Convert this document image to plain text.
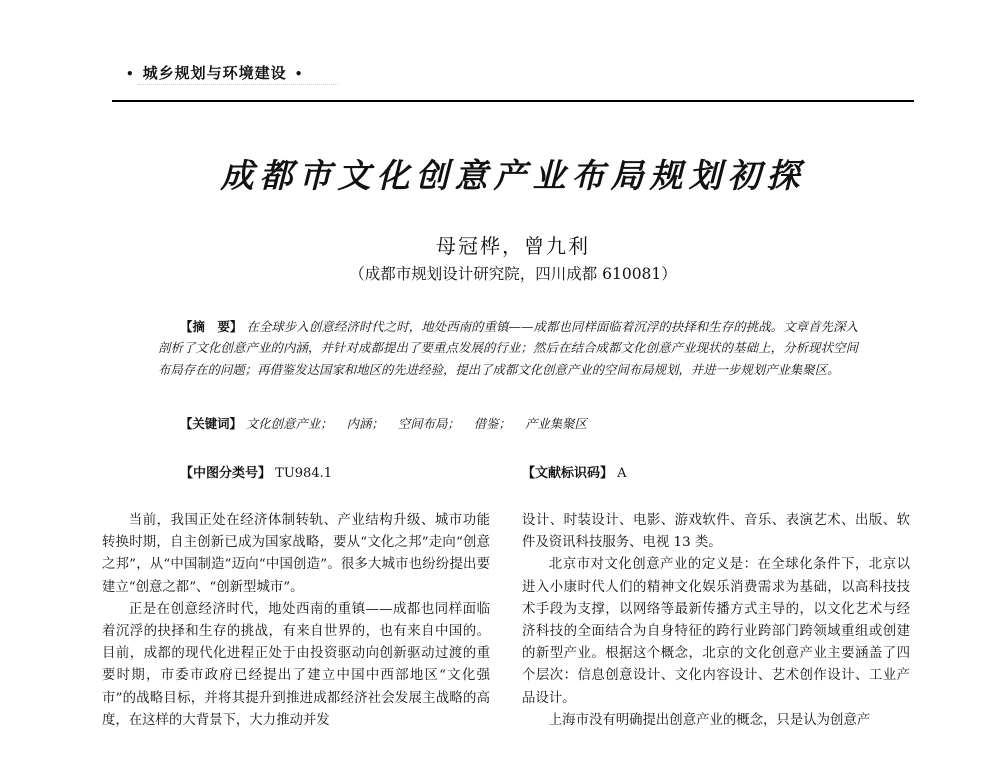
• 城乡规划与环境建设 •
成都市文化创意产业布局规划初探
母冠桦，曾九利
（成都市规划设计研究院，四川成都 610081）
【摘　要】 在全球步入创意经济时代之时，地处西南的重镇——成都也同样面临着沉浮的抉择和生存的挑战。文章首先深入剖析了文化创意产业的内涵，并针对成都提出了要重点发展的行业；然后在结合成都文化创意产业现状的基础上，分析现状空间布局存在的问题；再借鉴发达国家和地区的先进经验，提出了成都文化创意产业的空间布局规划，并进一步规划产业集聚区。
【关键词】 文化创意产业； 内涵； 空间布局； 借鉴； 产业集聚区
【中图分类号】 TU984.1	【文献标识码】 A

当前，我国正处在经济体制转轨、产业结构升级、城市功能转换时期，自主创新已成为国家战略，要从“文化之邦”走向“创意之邦”，从“中国制造”迈向“中国创造”。很多大城市也纷纷提出要建立“创意之都”、“创新型城市”。

正是在创意经济时代，地处西南的重镇——成都也同样面临着沉浮的抉择和生存的挑战，有来自世界的，也有来自中国的。目前，成都的现代化进程正处于由投资驱动向创新驱动过渡的重要时期，市委市政府已经提出了建立中国中西部地区“文化强市”的战略目标，并将其提升到推进成都经济社会发展主战略的高度，在这样的大背景下，大力推动并发

设计、时装设计、电影、游戏软件、音乐、表演艺术、出版、软件及资讯科技服务、电视 13 类。

北京市对文化创意产业的定义是：在全球化条件下，北京以进入小康时代人们的精神文化娱乐消费需求为基础，以高科技技术手段为支撑，以网络等最新传播方式主导的，以文化艺术与经济科技的全面结合为自身特征的跨行业跨部门跨领域重组或创建的新型产业。根据这个概念，北京的文化创意产业主要涵盖了四个层次：信息创意设计、文化内容设计、艺术创作设计、工业产品设计。

上海市没有明确提出创意产业的概念，只是认为创意产
